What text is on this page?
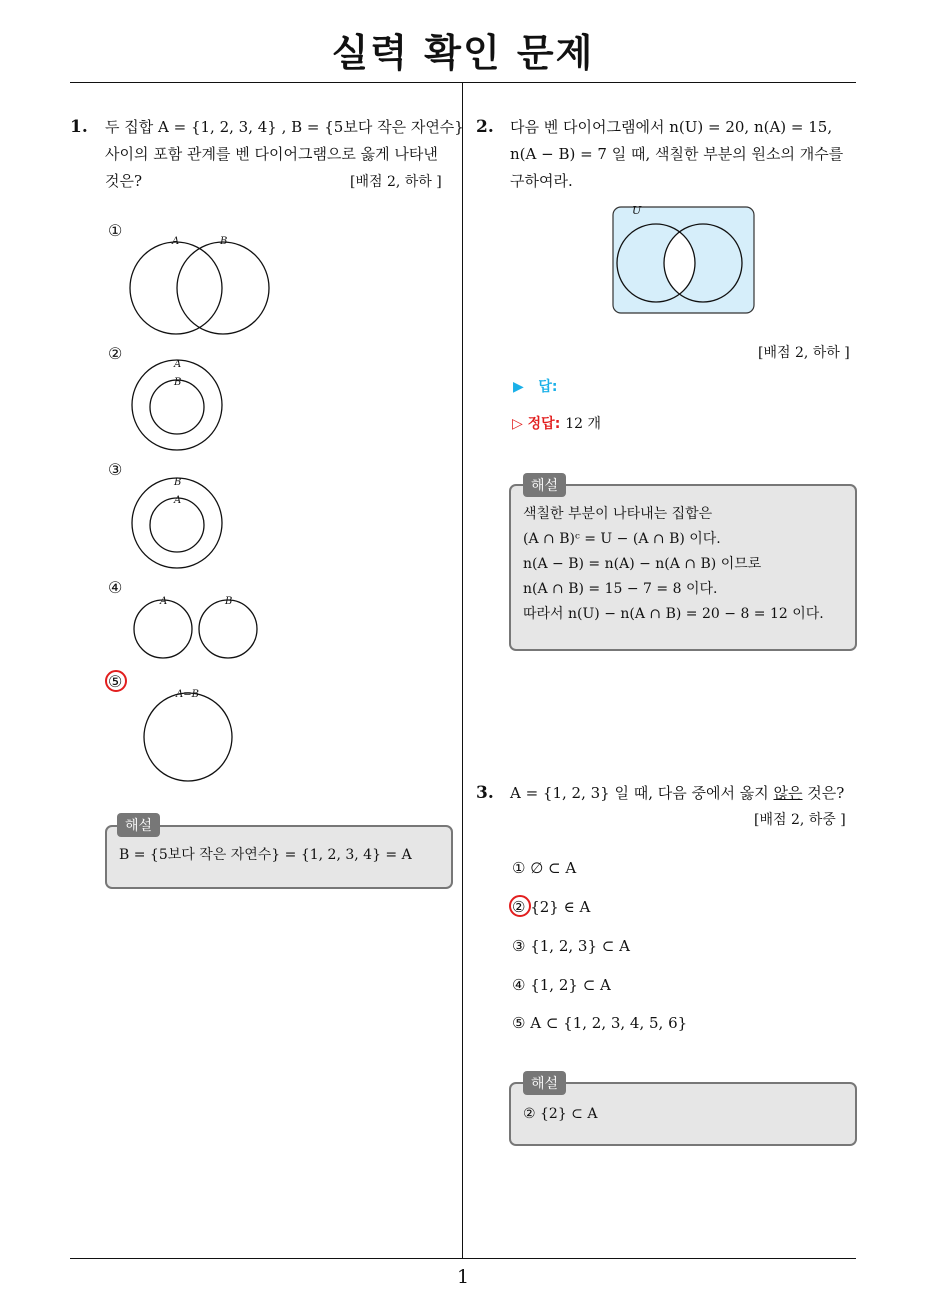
실력 확인 문제
1
1. 두 집합 A = {1, 2, 3, 4} , B = {5보다 작은 자연수}
사이의 포함 관계를 벤 다이어그램으로 옳게 나타낸
것은?	[배점 2, 하하 ]
①
A	B
②
A
B
③
B
A
④
A	B
⑤
A=B
해설
B = {5보다 작은 자연수} = {1, 2, 3, 4} = A
2. 다음 벤 다이어그램에서 n(U) = 20, n(A) = 15,
n(A − B) = 7 일 때, 색칠한 부분의 원소의 개수를
구하여라.
U
[배점 2, 하하 ]
▶ 답:
▷ 정답: 12 개
해설
색칠한 부분이 나타내는 집합은
(A ∩ B)ᶜ = U − (A ∩ B) 이다.
n(A − B) = n(A) − n(A ∩ B) 이므로
n(A ∩ B) = 15 − 7 = 8 이다.
따라서 n(U) − n(A ∩ B) = 20 − 8 = 12 이다.
3. A = {1, 2, 3} 일 때, 다음 중에서 옳지 않은 것은?
[배점 2, 하중 ]
① ∅ ⊂ A
② {2} ∈ A
③ {1, 2, 3} ⊂ A
④ {1, 2} ⊂ A
⑤ A ⊂ {1, 2, 3, 4, 5, 6}
해설
② {2} ⊂ A
